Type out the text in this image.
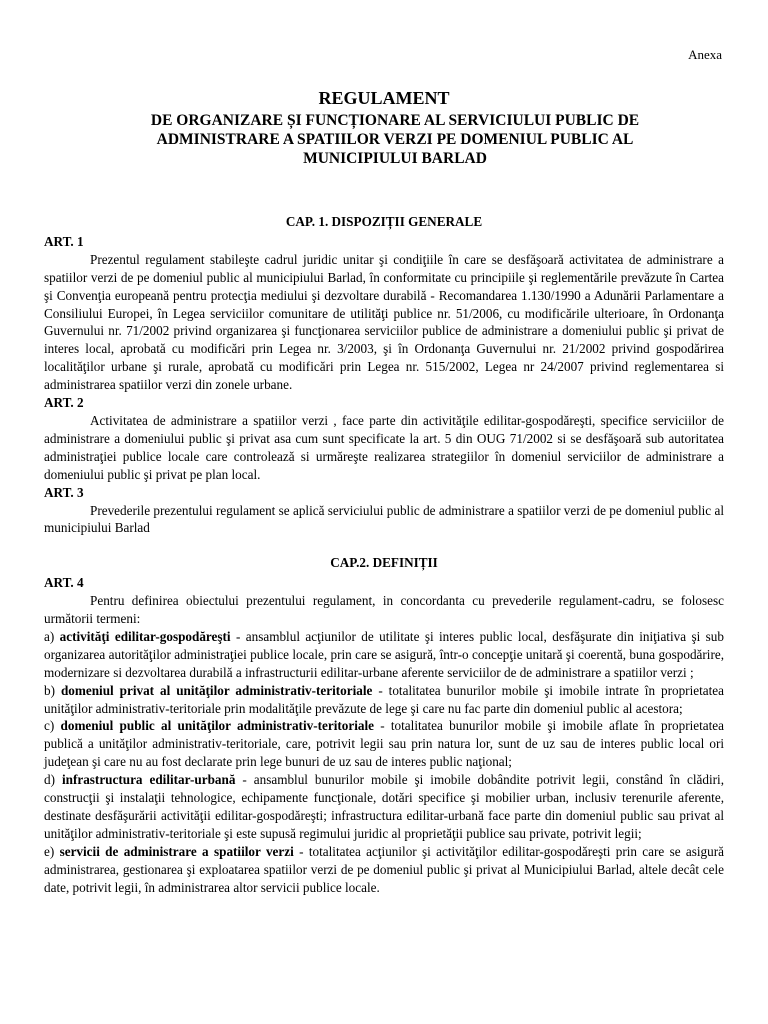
Anexa
REGULAMENT
DE ORGANIZARE ȘI FUNCȚIONARE AL SERVICIULUI PUBLIC DE ADMINISTRARE A SPATIILOR VERZI PE DOMENIUL PUBLIC AL MUNICIPIULUI BARLAD

CAP. 1. DISPOZIȚII GENERALE

ART. 1

Prezentul regulament stabileşte cadrul juridic unitar şi condiţiile în care se desfăşoară activitatea de administrare a spatiilor verzi de pe domeniul public al municipiului Barlad, în conformitate cu principiile şi reglementările prevăzute în Cartea şi Convenţia europeană pentru protecţia mediului şi dezvoltare durabilă - Recomandarea 1.130/1990 a Adunării Parlamentare a Consiliului Europei, în Legea serviciilor comunitare de utilităţi publice nr. 51/2006, cu modificările ulterioare, în Ordonanţa Guvernului nr. 71/2002 privind organizarea şi funcţionarea serviciilor publice de administrare a domeniului public şi privat de interes local, aprobată cu modificări prin Legea nr. 3/2003, şi în Ordonanţa Guvernului nr. 21/2002 privind gospodărirea localităţilor urbane şi rurale, aprobată cu modificări prin Legea nr. 515/2002, Legea nr 24/2007 privind reglementarea si administrarea spatiilor verzi din zonele urbane.

ART. 2

Activitatea de administrare a spatiilor verzi , face parte din activităţile edilitar-gospodăreşti, specifice serviciilor de administrare a domeniului public şi privat asa cum sunt specificate la art. 5 din OUG 71/2002 si se desfăşoară sub autoritatea administraţiei publice locale care controlează si urmăreşte realizarea strategiilor în domeniul serviciilor de administrare a domeniului public şi privat pe plan local.

ART. 3

Prevederile prezentului regulament se aplică serviciului public de administrare a spatiilor verzi de pe domeniul public al municipiului Barlad

CAP.2. DEFINIȚII

ART. 4

Pentru definirea obiectului prezentului regulament, in concordanta cu prevederile regulament-cadru, se folosesc următorii termeni:

a) activităţi edilitar-gospodăreşti - ansamblul acţiunilor de utilitate şi interes public local, desfăşurate din iniţiativa şi sub organizarea autorităţilor administraţiei publice locale, prin care se asigură, într-o concepţie unitară şi coerentă, buna gospodărire, modernizare si dezvoltarea durabilă a infrastructurii edilitar-urbane aferente serviciilor de de administrare a spatiilor verzi ;

b) domeniul privat al unităţilor administrativ-teritoriale - totalitatea bunurilor mobile şi imobile intrate în proprietatea unităţilor administrativ-teritoriale prin modalităţile prevăzute de lege şi care nu fac parte din domeniul public al acestora;

c) domeniul public al unităţilor administrativ-teritoriale - totalitatea bunurilor mobile şi imobile aflate în proprietatea publică a unităţilor administrativ-teritoriale, care, potrivit legii sau prin natura lor, sunt de uz sau de interes public local ori judeţean şi care nu au fost declarate prin lege bunuri de uz sau de interes public naţional;

d) infrastructura edilitar-urbană - ansamblul bunurilor mobile şi imobile dobândite potrivit legii, constând în clădiri, construcţii şi instalaţii tehnologice, echipamente funcţionale, dotări specifice şi mobilier urban, inclusiv terenurile aferente, destinate desfăşurării activităţii edilitar-gospodăreşti; infrastructura edilitar-urbană face parte din domeniul public sau privat al unităţilor administrativ-teritoriale şi este supusă regimului juridic al proprietăţii publice sau private, potrivit legii;

e) servicii de administrare a spatiilor verzi - totalitatea acţiunilor şi activităţilor edilitar-gospodăreşti prin care se asigură administrarea, gestionarea şi exploatarea spatiilor verzi de pe domeniul public şi privat al Municipiului Barlad, altele decât cele date, potrivit legii, în administrarea altor servicii publice locale.
